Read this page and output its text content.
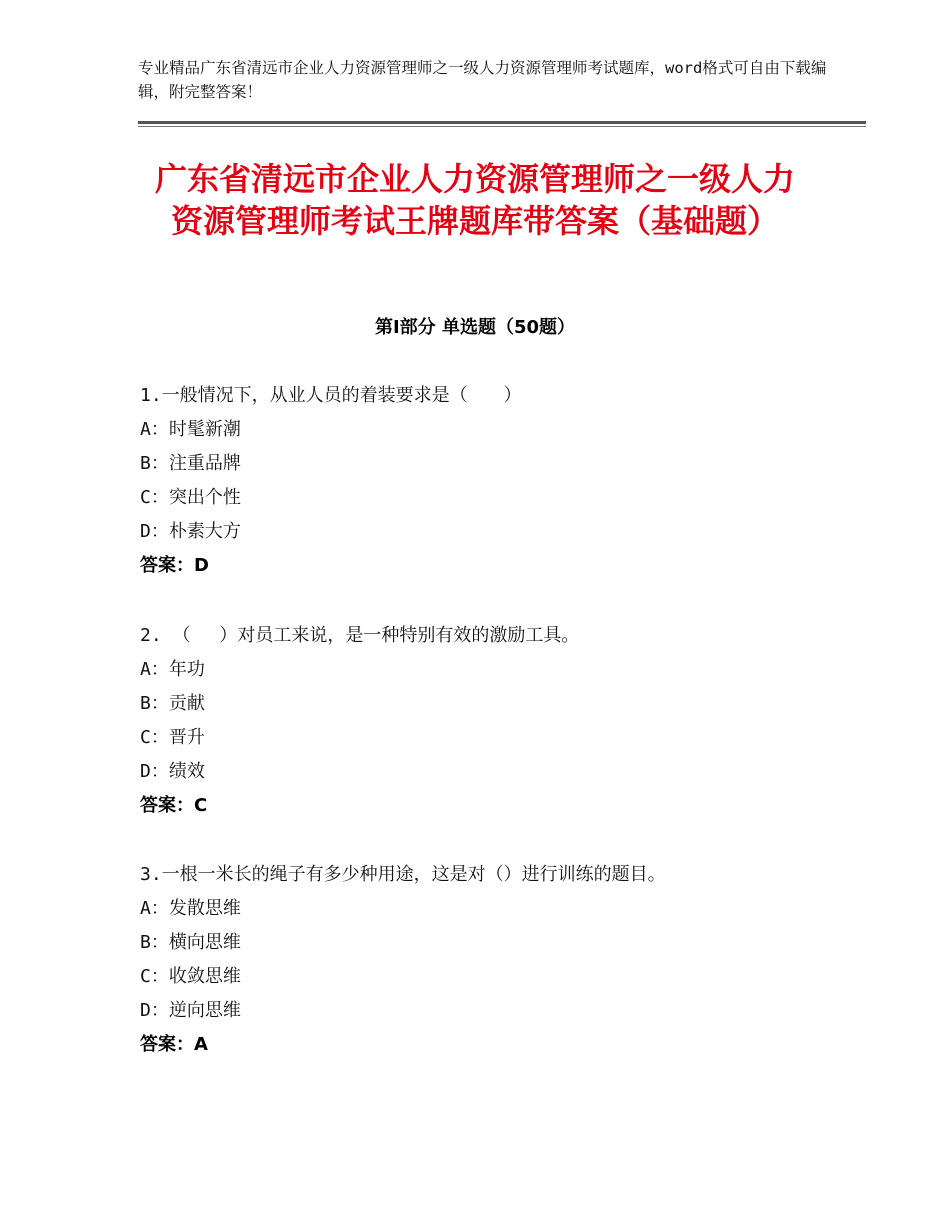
专业精品广东省清远市企业人力资源管理师之一级人力资源管理师考试题库，word格式可自由下载编辑，附完整答案！
广东省清远市企业人力资源管理师之一级人力资源管理师考试王牌题库带答案（基础题）
第Ⅰ部分 单选题（50题）
1.一般情况下，从业人员的着装要求是（　　）
A：时髦新潮
B：注重品牌
C：突出个性
D：朴素大方
答案：D
2. （　 ）对员工来说，是一种特别有效的激励工具。
A：年功
B：贡献
C：晋升
D：绩效
答案：C
3.一根一米长的绳子有多少种用途，这是对（）进行训练的题目。
A：发散思维
B：横向思维
C：收敛思维
D：逆向思维
答案：A
